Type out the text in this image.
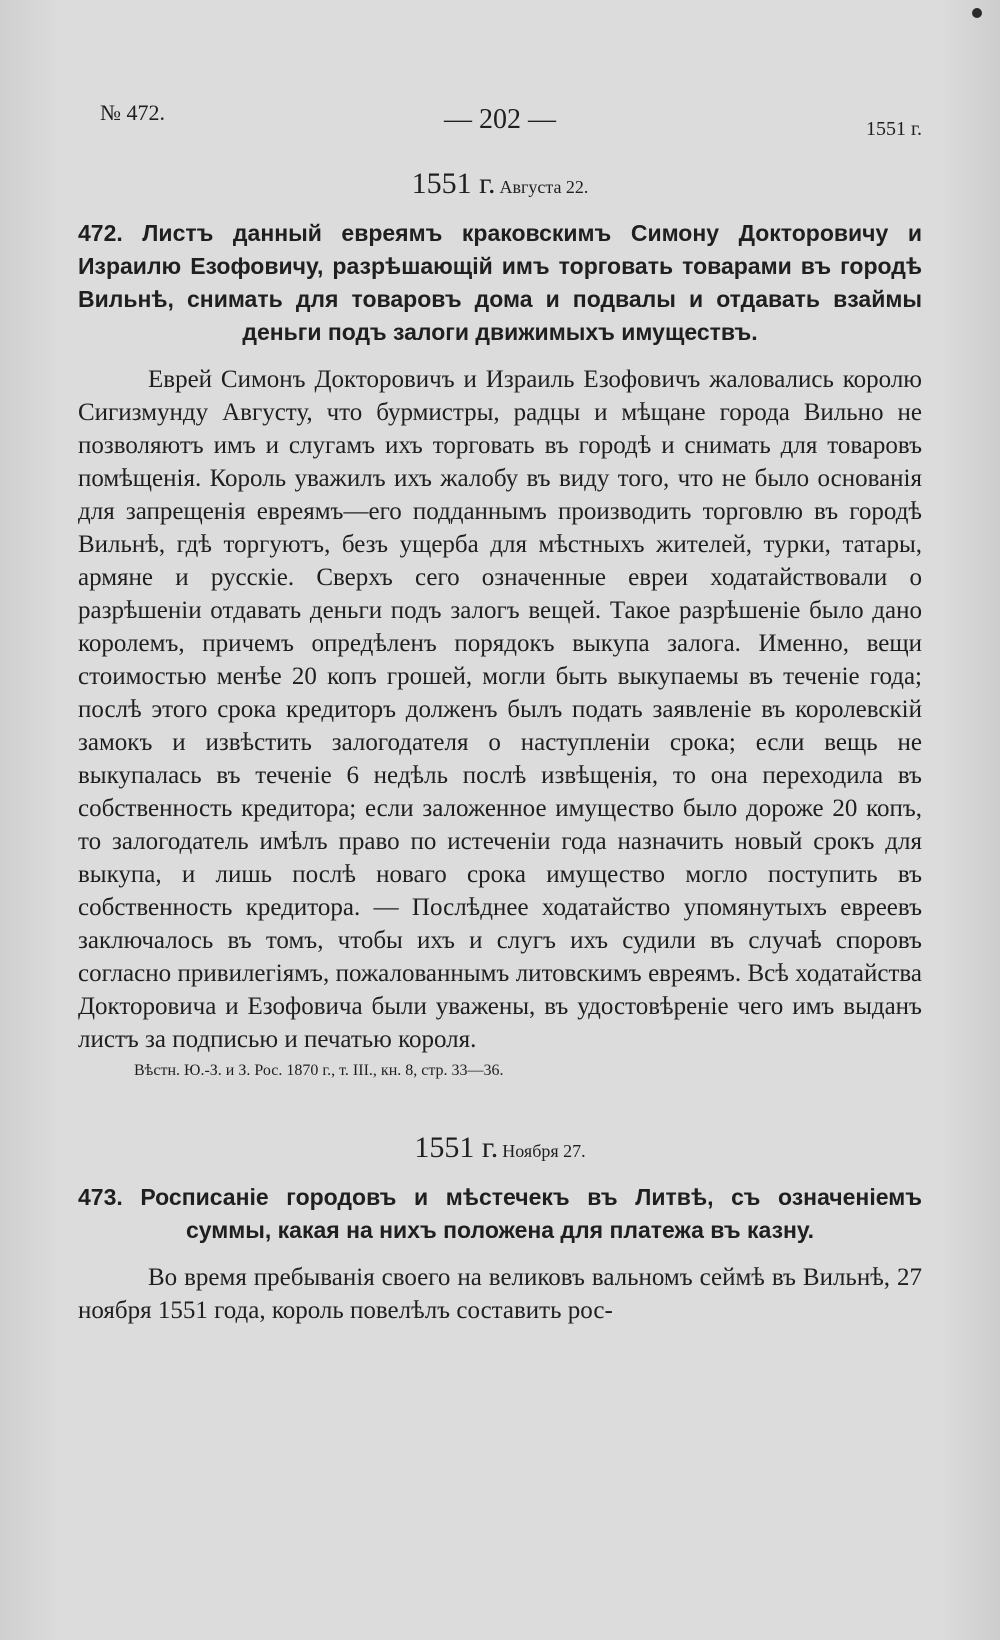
№ 472.	— 202 —	1551 г.
1551 г. Августа 22.

472. Листъ данный евреямъ краковскимъ Симону Докторовичу и Израилю Езофовичу, разрѣшающій имъ торговать товарами въ городѣ Вильнѣ, снимать для товаровъ дома и подвалы и отдавать взаймы деньги подъ залоги движимыхъ имуществъ.

Еврей Симонъ Докторовичъ и Израиль Езофовичъ жаловались королю Сигизмунду Августу, что бурмистры, радцы и мѣщане города Вильно не позволяютъ имъ и слугамъ ихъ торговать въ городѣ и снимать для товаровъ помѣщенія. Король уважилъ ихъ жалобу въ виду того, что не было основанія для запрещенія евреямъ—его подданнымъ производить торговлю въ городѣ Вильнѣ, гдѣ торгуютъ, безъ ущерба для мѣстныхъ жителей, турки, татары, армяне и русскіе. Сверхъ сего означенные евреи ходатайствовали о разрѣшеніи отдавать деньги подъ залогъ вещей. Такое разрѣшеніе было дано королемъ, причемъ опредѣленъ порядокъ выкупа залога. Именно, вещи стоимостью менѣе 20 копъ грошей, могли быть выкупаемы въ теченіе года; послѣ этого срока кредиторъ долженъ былъ подать заявленіе въ королевскій замокъ и извѣстить залогодателя о наступленіи срока; если вещь не выкупалась въ теченіе 6 недѣль послѣ извѣщенія, то она переходила въ собственность кредитора; если заложенное имущество было дороже 20 копъ, то залогодатель имѣлъ право по истеченіи года назначить новый срокъ для выкупа, и лишь послѣ новаго срока имущество могло поступить въ собственность кредитора. — Послѣднее ходатайство упомянутыхъ евреевъ заключалось въ томъ, чтобы ихъ и слугъ ихъ судили въ случаѣ споровъ согласно привилегіямъ, пожалованнымъ литовскимъ евреямъ. Всѣ ходатайства Докторовича и Езофовича были уважены, въ удостовѣреніе чего имъ выданъ листъ за подписью и печатью короля.

Вѣстн. Ю.-З. и З. Рос. 1870 г., т. III., кн. 8, стр. 33—36.

1551 г. Ноября 27.

473. Росписаніе городовъ и мѣстечекъ въ Литвѣ, съ означеніемъ суммы, какая на нихъ положена для платежа въ казну.

Во время пребыванія своего на великовъ вальномъ сеймѣ въ Вильнѣ, 27 ноября 1551 года, король повелѣлъ составить рос-
